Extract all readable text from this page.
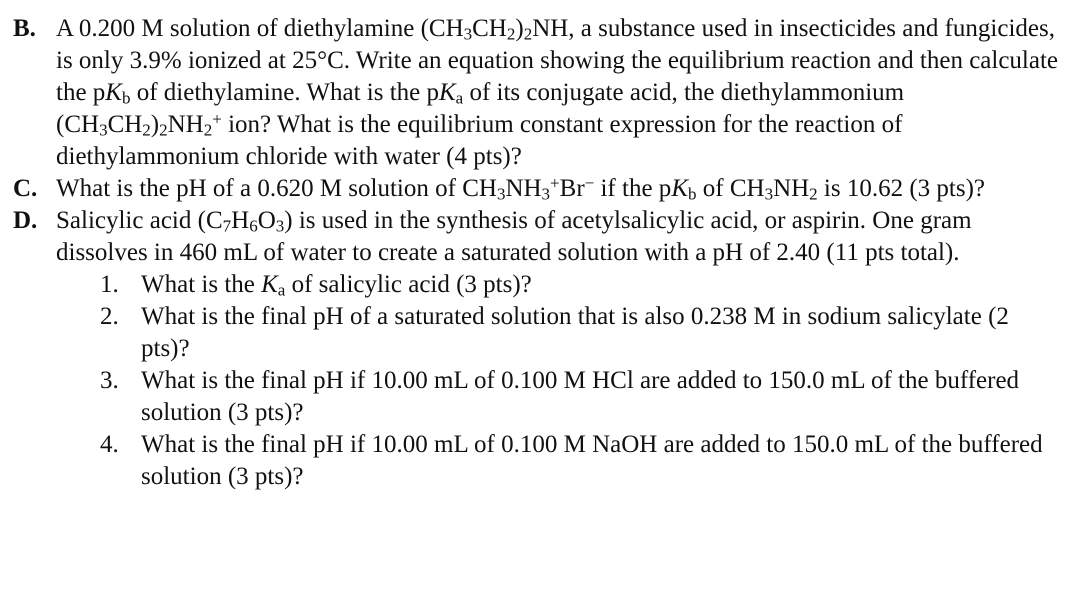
B. A 0.200 M solution of diethylamine $(CH_3CH_2)_2NH$, a substance used in insecticides and fungicides, is only 3.9% ionized at 25°C. Write an equation showing the equilibrium reaction and then calculate the $pK_b$ of diethylamine. What is the $pK_a$ of its conjugate acid, the diethylammonium $(CH_3CH_2)_2NH_2^+$ ion? What is the equilibrium constant expression for the reaction of diethylammonium chloride with water (4 pts)?
C. What is the pH of a 0.620 M solution of $CH_3NH_3^+Br^-$ if the $pK_b$ of $CH_3NH_2$ is 10.62 (3 pts)?
D. Salicylic acid $(C_7H_6O_3)$ is used in the synthesis of acetylsalicylic acid, or aspirin. One gram dissolves in 460 mL of water to create a saturated solution with a pH of 2.40 (11 pts total).
1. What is the $K_a$ of salicylic acid (3 pts)?
2. What is the final pH of a saturated solution that is also 0.238 M in sodium salicylate (2 pts)?
3. What is the final pH if 10.00 mL of 0.100 M HCl are added to 150.0 mL of the buffered solution (3 pts)?
4. What is the final pH if 10.00 mL of 0.100 M NaOH are added to 150.0 mL of the buffered solution (3 pts)?
